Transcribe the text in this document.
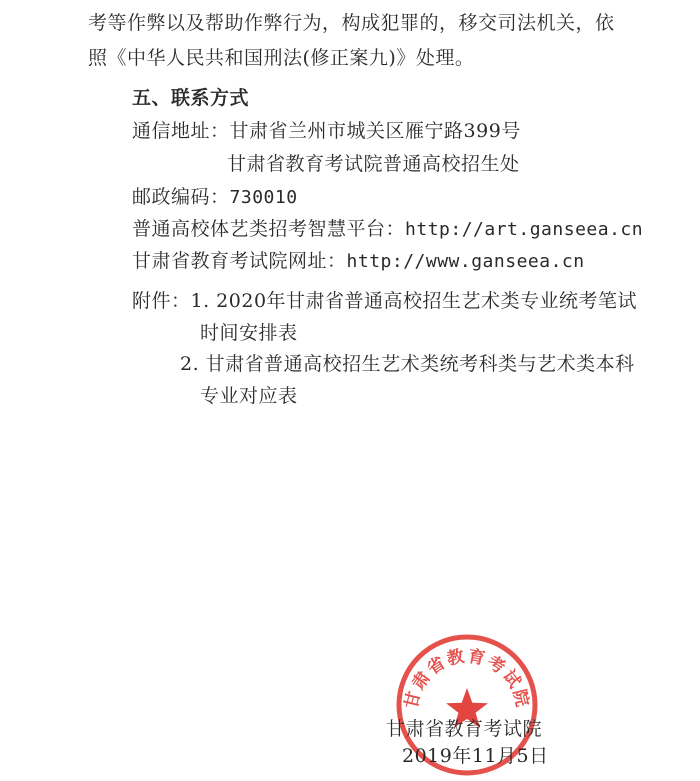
考等作弊以及帮助作弊行为，构成犯罪的，移交司法机关，依
照《中华人民共和国刑法(修正案九)》处理。
五、联系方式
通信地址：甘肃省兰州市城关区雁宁路399号
甘肃省教育考试院普通高校招生处
邮政编码：730010
普通高校体艺类招考智慧平台：http://art.ganseea.cn
甘肃省教育考试院网址：http://www.ganseea.cn
附件：1. 2020年甘肃省普通高校招生艺术类专业统考笔试
时间安排表
2. 甘肃省普通高校招生艺术类统考科类与艺术类本科
专业对应表
甘肃省教育考试院
甘肃省教育考试院
2019年11月5日
